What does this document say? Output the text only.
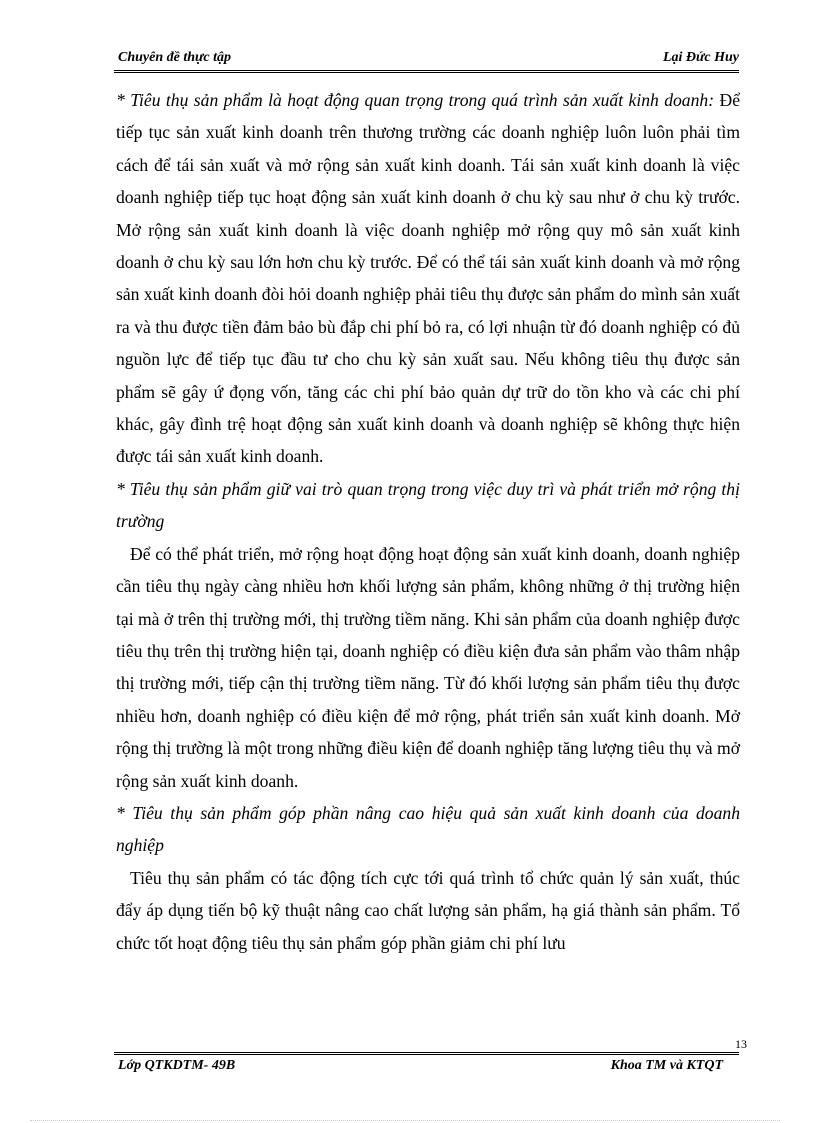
Chuyên đề thực tập	Lại Đức Huy

* Tiêu thụ sản phẩm là hoạt động quan trọng trong quá trình sản xuất kinh doanh: Để tiếp tục sản xuất kinh doanh trên thương trường các doanh nghiệp luôn luôn phải tìm cách để tái sản xuất và mở rộng sản xuất kinh doanh. Tái sản xuất kinh doanh là việc doanh nghiệp tiếp tục hoạt động sản xuất kinh doanh ở chu kỳ sau như ở chu kỳ trước. Mở rộng sản xuất kinh doanh là việc doanh nghiệp mở rộng quy mô sản xuất kinh doanh ở chu kỳ sau lớn hơn chu kỳ trước. Để có thể tái sản xuất kinh doanh và mở rộng sản xuất kinh doanh đòi hỏi doanh nghiệp phải tiêu thụ được sản phẩm do mình sản xuất ra và thu được tiền đảm bảo bù đắp chi phí bỏ ra, có lợi nhuận từ đó doanh nghiệp có đủ nguồn lực để tiếp tục đầu tư cho chu kỳ sản xuất sau. Nếu không tiêu thụ được sản phẩm sẽ gây ứ đọng vốn, tăng các chi phí bảo quản dự trữ do tồn kho và các chi phí khác, gây đình trệ hoạt động sản xuất kinh doanh và doanh nghiệp sẽ không thực hiện được tái sản xuất kinh doanh.

* Tiêu thụ sản phẩm giữ vai trò quan trọng trong việc duy trì và phát triển mở rộng thị trường

Để có thể phát triển, mở rộng hoạt động hoạt động sản xuất kinh doanh, doanh nghiệp cần tiêu thụ ngày càng nhiều hơn khối lượng sản phẩm, không những ở thị trường hiện tại mà ở trên thị trường mới, thị trường tiềm năng. Khi sản phẩm của doanh nghiệp được tiêu thụ trên thị trường hiện tại, doanh nghiệp có điều kiện đưa sản phẩm vào thâm nhập thị trường mới, tiếp cận thị trường tiềm năng. Từ đó khối lượng sản phẩm tiêu thụ được nhiều hơn, doanh nghiệp có điều kiện để mở rộng, phát triển sản xuất kinh doanh. Mở rộng thị trường là một trong những điều kiện để doanh nghiệp tăng lượng tiêu thụ và mở rộng sản xuất kinh doanh.

* Tiêu thụ sản phẩm góp phần nâng cao hiệu quả sản xuất kinh doanh của doanh nghiệp

Tiêu thụ sản phẩm có tác động tích cực tới quá trình tổ chức quản lý sản xuất, thúc đẩy áp dụng tiến bộ kỹ thuật nâng cao chất lượng sản phẩm, hạ giá thành sản phẩm. Tổ chức tốt hoạt động tiêu thụ sản phẩm góp phần giảm chi phí lưu

13
Lớp QTKDTM- 49B	Khoa TM và KTQT
